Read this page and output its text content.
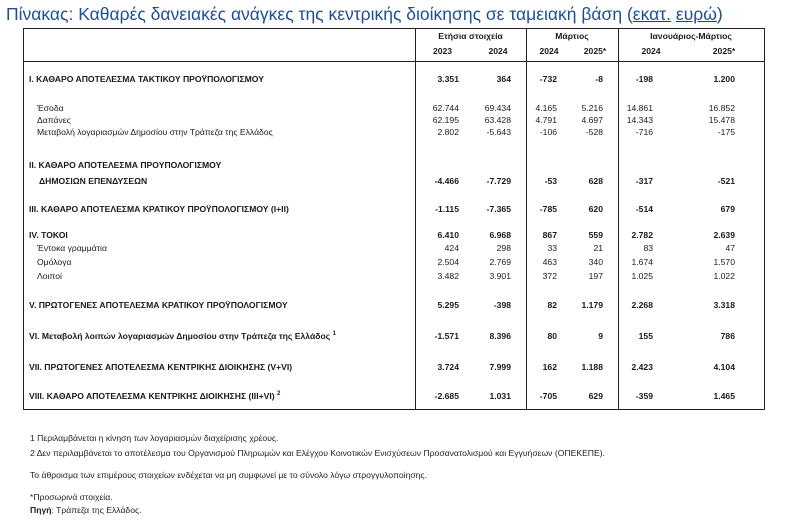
Πίνακας: Καθαρές δανειακές ανάγκες της κεντρικής διοίκησης σε ταμειακή βάση (εκατ. ευρώ)
Ετήσια στοιχεία	Μάρτιος	Ιανουάριος-Μάρτιος
2023	2024	2024	2025*	2024	2025*
I. ΚΑΘΑΡΟ ΑΠΟΤΕΛΕΣΜΑ ΤΑΚΤΙΚΟΥ ΠΡΟΫΠΟΛΟΓΙΣΜΟΥ	3.351	364	-732	-8	-198	1.200
Έσοδα	62.744	69.434	4.165	5.216	14.861	16.852
Δαπάνες	62.195	63.428	4.791	4.697	14.343	15.478
Μεταβολή λογαριασμών Δημοσίου στην Τράπεζα της Ελλάδος	2.802	-5.643	-106	-528	-716	-175
II. ΚΑΘΑΡΟ ΑΠΟΤΕΛΕΣΜΑ ΠΡΟΥΠΟΛΟΓΙΣΜΟΥ
ΔΗΜΟΣΙΩΝ ΕΠΕΝΔΥΣΕΩΝ	-4.466	-7.729	-53	628	-317	-521
III. ΚΑΘΑΡΟ ΑΠΟΤΕΛΕΣΜΑ ΚΡΑΤΙΚΟΥ ΠΡΟΫΠΟΛΟΓΙΣΜΟΥ (I+II)	-1.115	-7.365	-785	620	-514	679
IV. ΤΟΚΟΙ	6.410	6.968	867	559	2.782	2.639
Έντοκα γραμμάτια	424	298	33	21	83	47
Ομόλογα	2.504	2.769	463	340	1.674	1.570
Λοιποί	3.482	3.901	372	197	1.025	1.022
V. ΠΡΩΤΟΓΕΝΕΣ ΑΠΟΤΕΛΕΣΜΑ ΚΡΑΤΙΚΟΥ ΠΡΟΫΠΟΛΟΓΙΣΜΟΥ	5.295	-398	82	1.179	2.268	3.318
VI. Μεταβολή λοιπών λογαριασμών Δημοσίου στην Τράπεζα της Ελλάδος $^1$	-1.571	8.396	80	9	155	786
VII. ΠΡΩΤΟΓΕΝΕΣ ΑΠΟΤΕΛΕΣΜΑ ΚΕΝΤΡΙΚΗΣ ΔΙΟΙΚΗΣΗΣ (V+VI)	3.724	7.999	162	1.188	2.423	4.104
VIII. ΚΑΘΑΡΟ ΑΠΟΤΕΛΕΣΜΑ ΚΕΝΤΡΙΚΗΣ ΔΙΟΙΚΗΣΗΣ (III+VI) $^2$	-2.685	1.031	-705	629	-359	1.465
1 Περιλαμβάνεται η κίνηση των λογαριασμών διαχείρισης χρέους.
2 Δεν περιλαμβάνεται το αποτέλεσμα του Οργανισμού Πληρωμών και Ελέγχου Κοινοτικών Ενισχύσεων Προσανατολισμού και Εγγυήσεων (ΟΠΕΚΕΠΕ).
Το άθροισμα των επιμέρους στοιχείων ενδέχεται να μη συμφωνεί με το σύνολο λόγω στρογγυλοποίησης.
*Προσωρινά στοιχεία.
Πηγή: Τράπεζα της Ελλάδος.
